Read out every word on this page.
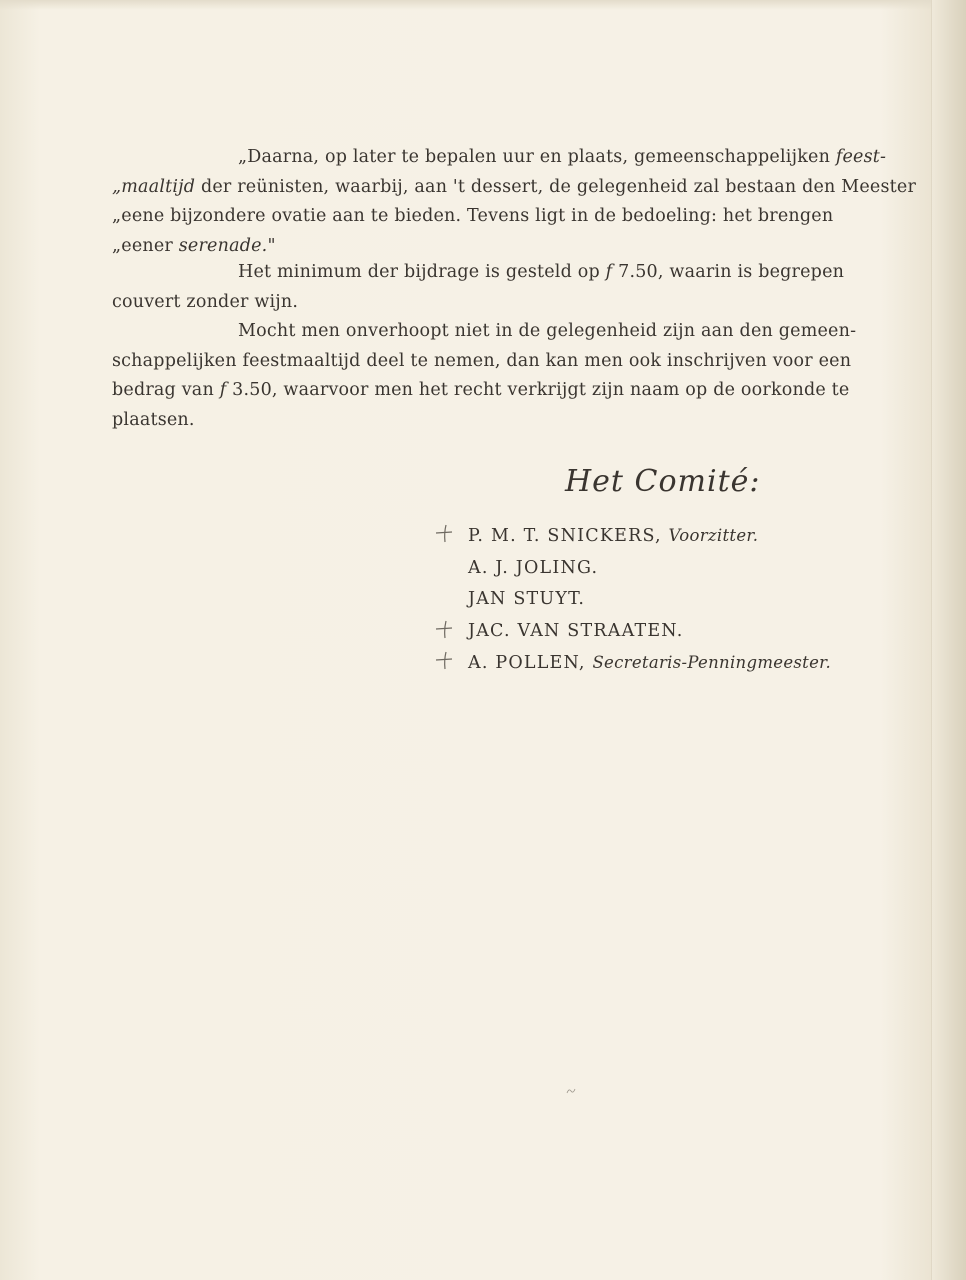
„Daarna, op later te bepalen uur en plaats, gemeenschappelijken feest-
„maaltijd der reünisten, waarbij, aan 't dessert, de gelegenheid zal bestaan den Meester
„eene bijzondere ovatie aan te bieden. Tevens ligt in de bedoeling: het brengen
„eener serenade."
Het minimum der bijdrage is gesteld op f 7.50, waarin is begrepen
couvert zonder wijn.
Mocht men onverhoopt niet in de gelegenheid zijn aan den gemeen-
schappelijken feestmaaltijd deel te nemen, dan kan men ook inschrijven voor een
bedrag van f 3.50, waarvoor men het recht verkrijgt zijn naam op de oorkonde te
plaatsen.
Het Comité:
P. M. T. SNICKERS, Voorzitter.
A. J. JOLING.
JAN STUYT.
JAC. VAN STRAATEN.
A. POLLEN, Secretaris-Penningmeester.
